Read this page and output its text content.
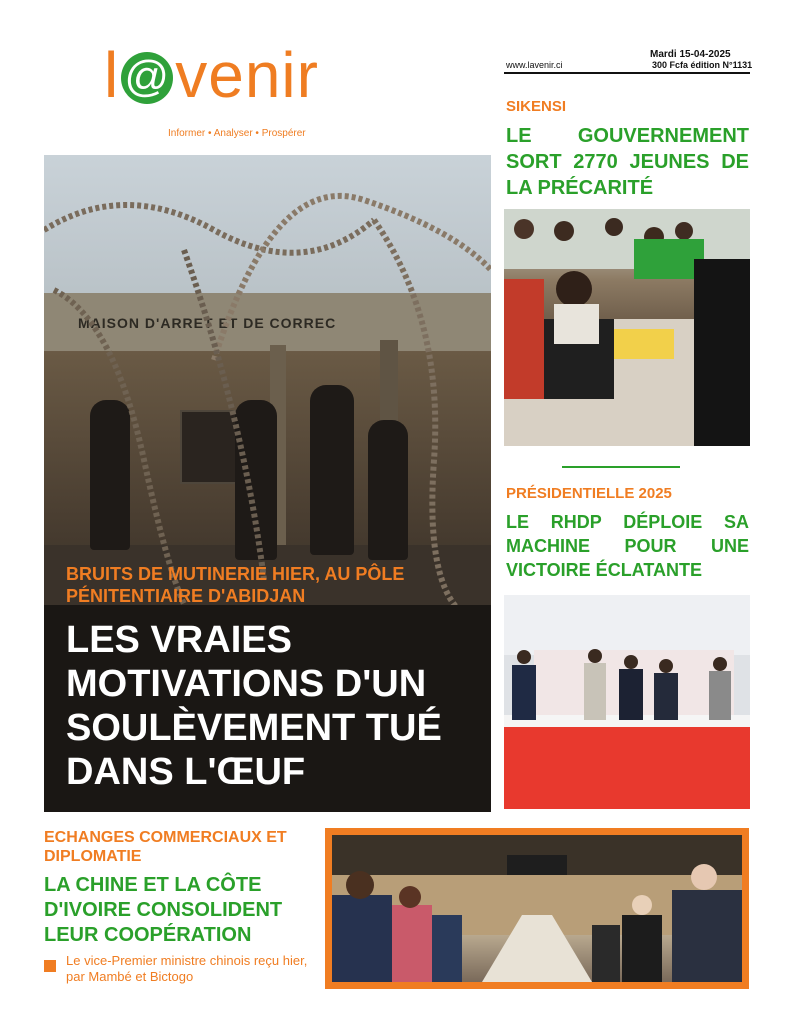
l @venir
Informer • Analyser • Prospérer
Mardi 15-04-2025
www.lavenir.ci	300 Fcfa édition N°1131
MAISON D'ARRET ET DE CORREC
BRUITS DE MUTINERIE HIER, AU PÔLE PÉNITENTIAIRE D'ABIDJAN
LES VRAIES MOTIVATIONS D'UN SOULÈVEMENT TUÉ DANS L'ŒUF
SIKENSI
LE GOUVERNEMENT SORT 2770 JEUNES DE LA PRÉCARITÉ
PRÉSIDENTIELLE 2025
LE RHDP DÉPLOIE SA MACHINE POUR UNE VICTOIRE ÉCLATANTE
ECHANGES COMMERCIAUX ET DIPLOMATIE
LA CHINE ET LA CÔTE D'IVOIRE CONSOLIDENT LEUR COOPÉRATION
Le vice-Premier ministre chinois reçu hier, par Mambé et Bictogo
